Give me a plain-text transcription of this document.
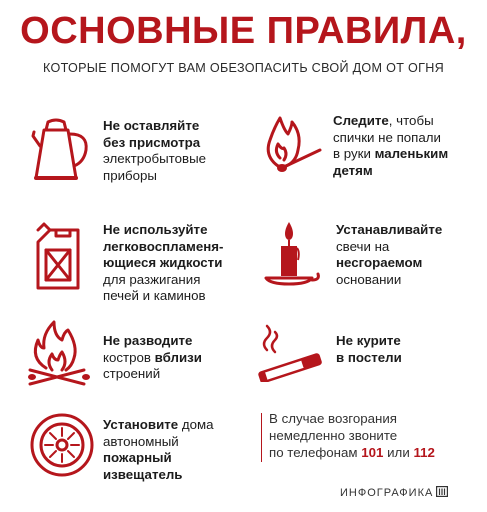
ОСНОВНЫЕ ПРАВИЛА,
КОТОРЫЕ ПОМОГУТ ВАМ ОБЕЗОПАСИТЬ СВОЙ ДОМ ОТ ОГНЯ
Не оставляйте
без присмотра
электробытовые
приборы
Следите, чтобы
спички не попали
в руки маленьким
детям
Не используйте
легковоспламеня-
ющиеся жидкости
для разжигания
печей и каминов
Устанавливайте
свечи на
несгораемом
основании
Не разводите
костров вблизи
строений
Не курите
в постели
Установите дома
автономный
пожарный
извещатель
В случае возгорания
немедленно звоните
по телефонам 101 или 112
ИНФОГРАФИКА
